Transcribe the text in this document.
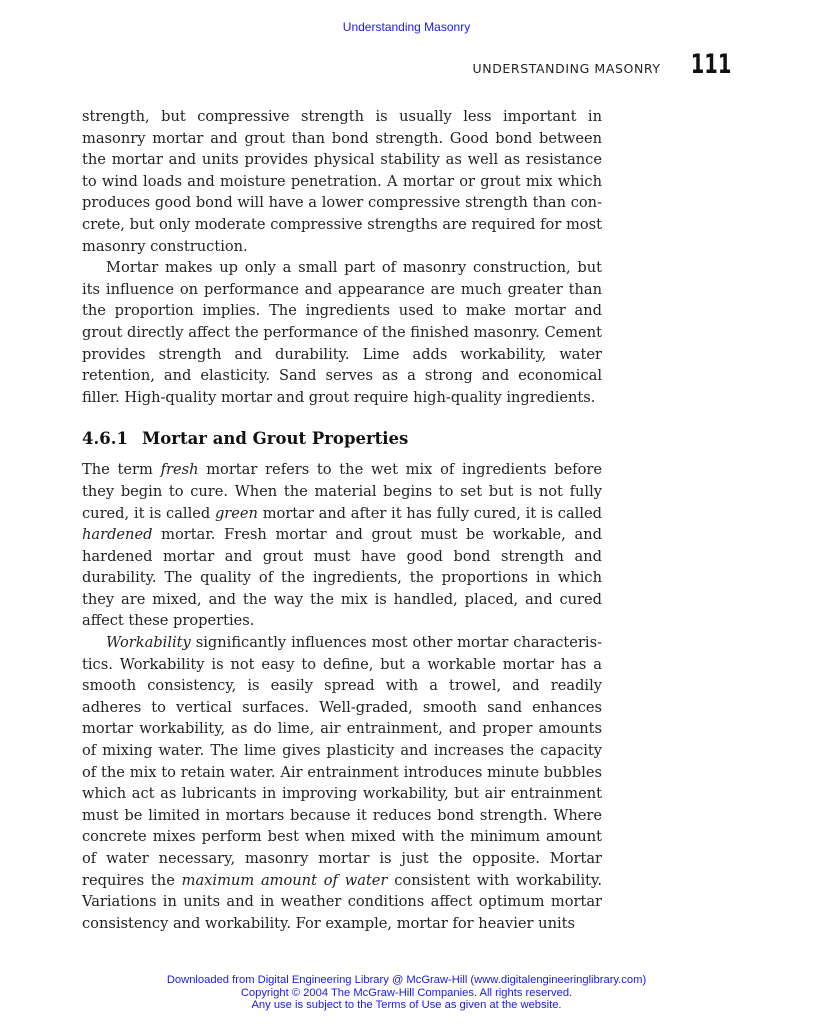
Understanding Masonry
UNDERSTANDING MASONRY 111

strength, but compressive strength is usually less important in masonry mortar and grout than bond strength. Good bond between the mortar and units provides physical stability as well as resistance to wind loads and moisture penetration. A mortar or grout mix which produces good bond will have a lower compressive strength than concrete, but only moderate compressive strengths are required for most masonry construction.

Mortar makes up only a small part of masonry construction, but its influence on performance and appearance are much greater than the proportion implies. The ingredients used to make mortar and grout directly affect the performance of the finished masonry. Cement provides strength and durability. Lime adds workability, water retention, and elasticity. Sand serves as a strong and economical filler. High-quality mortar and grout require high-quality ingredients.

4.6.1 Mortar and Grout Properties

The term fresh mortar refers to the wet mix of ingredients before they begin to cure. When the material begins to set but is not fully cured, it is called green mortar and after it has fully cured, it is called hardened mortar. Fresh mortar and grout must be workable, and hardened mortar and grout must have good bond strength and durability. The quality of the ingredients, the proportions in which they are mixed, and the way the mix is handled, placed, and cured affect these properties.

Workability significantly influences most other mortar characteristics. Workability is not easy to define, but a workable mortar has a smooth consistency, is easily spread with a trowel, and readily adheres to vertical surfaces. Well-graded, smooth sand enhances mortar workability, as do lime, air entrainment, and proper amounts of mixing water. The lime gives plasticity and increases the capacity of the mix to retain water. Air entrainment introduces minute bubbles which act as lubricants in improving workability, but air entrainment must be limited in mortars because it reduces bond strength. Where concrete mixes perform best when mixed with the minimum amount of water necessary, masonry mortar is just the opposite. Mortar requires the maximum amount of water consistent with workability. Variations in units and in weather conditions affect optimum mortar consistency and workability. For example, mortar for heavier units

Downloaded from Digital Engineering Library @ McGraw-Hill (www.digitalengineeringlibrary.com)
Copyright © 2004 The McGraw-Hill Companies. All rights reserved.
Any use is subject to the Terms of Use as given at the website.
